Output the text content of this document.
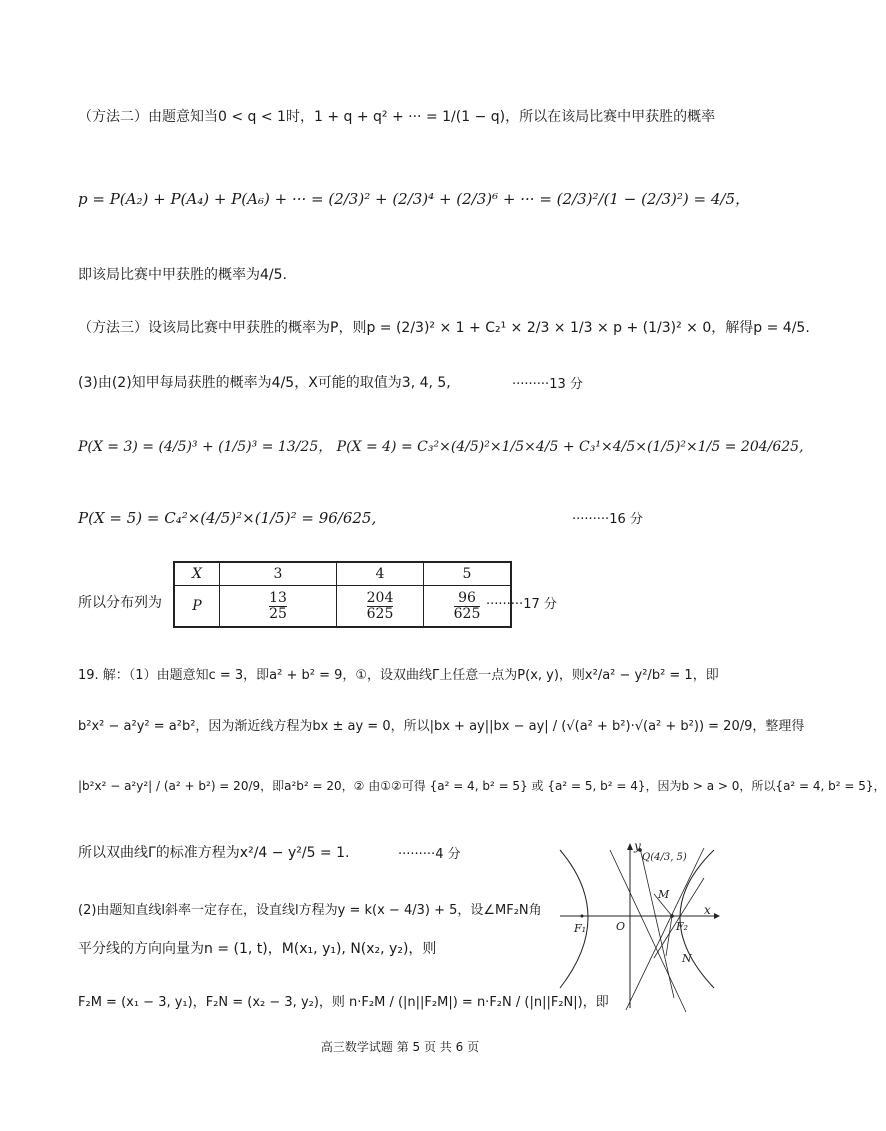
（方法二）由题意知当0 < q < 1时，1 + q + q² + ··· = 1/(1 − q)，所以在该局比赛中甲获胜的概率
p = P(A₂) + P(A₄) + P(A₆) + ··· = (2/3)² + (2/3)⁴ + (2/3)⁶ + ··· = (2/3)²/(1 − (2/3)²) = 4/5，
即该局比赛中甲获胜的概率为4/5.
（方法三）设该局比赛中甲获胜的概率为P，则p = (2/3)² × 1 + C₂¹ × 2/3 × 1/3 × p + (1/3)² × 0，解得p = 4/5.
(3)由(2)知甲每局获胜的概率为4/5，X可能的取值为3, 4, 5,	·········13 分
P(X = 3) = (4/5)³ + (1/5)³ = 13/25， P(X = 4) = C₃²×(4/5)²×1/5×4/5 + C₃¹×4/5×(1/5)²×1/5 = 204/625,
P(X = 5) = C₄²×(4/5)²×(1/5)² = 96/625,	·········16 分
所以分布列为
X	3	4	5
P	$\frac{13}{25}$	$\frac{204}{625}$	$\frac{96}{625} \cdot\cdot\cdot\cdot\cdot\cdot\cdot\cdot\cdot 17$ 分
19. 解：（1）由题意知c = 3，即a² + b² = 9，①，设双曲线Γ上任意一点为P(x, y)，则x²/a² − y²/b² = 1，即
b²x² − a²y² = a²b²，因为渐近线方程为bx ± ay = 0，所以|bx + ay||bx − ay| / (√(a² + b²)·√(a² + b²)) = 20/9，整理得
|b²x² − a²y²| / (a² + b²) = 20/9，即a²b² = 20，② 由①②可得 {a² = 4, b² = 5} 或 {a² = 5, b² = 4}，因为b > a > 0，所以{a² = 4, b² = 5}，
所以双曲线Γ的标准方程为x²/4 − y²/5 = 1.	·········4 分
(2)由题知直线l斜率一定存在，设直线l方程为y = k(x − 4/3) + 5，设∠MF₂N角
平分线的方向向量为n = (1, t)，M(x₁, y₁), N(x₂, y₂)，则
F₂M = (x₁ − 3, y₁)，F₂N = (x₂ − 3, y₂)，则 n·F₂M / (|n||F₂M|) = n·F₂N / (|n||F₂N|)，即
x
y
Q(4/3, 5)
M
N
O
F₁	F₂
高三数学试题 第 5 页 共 6 页
